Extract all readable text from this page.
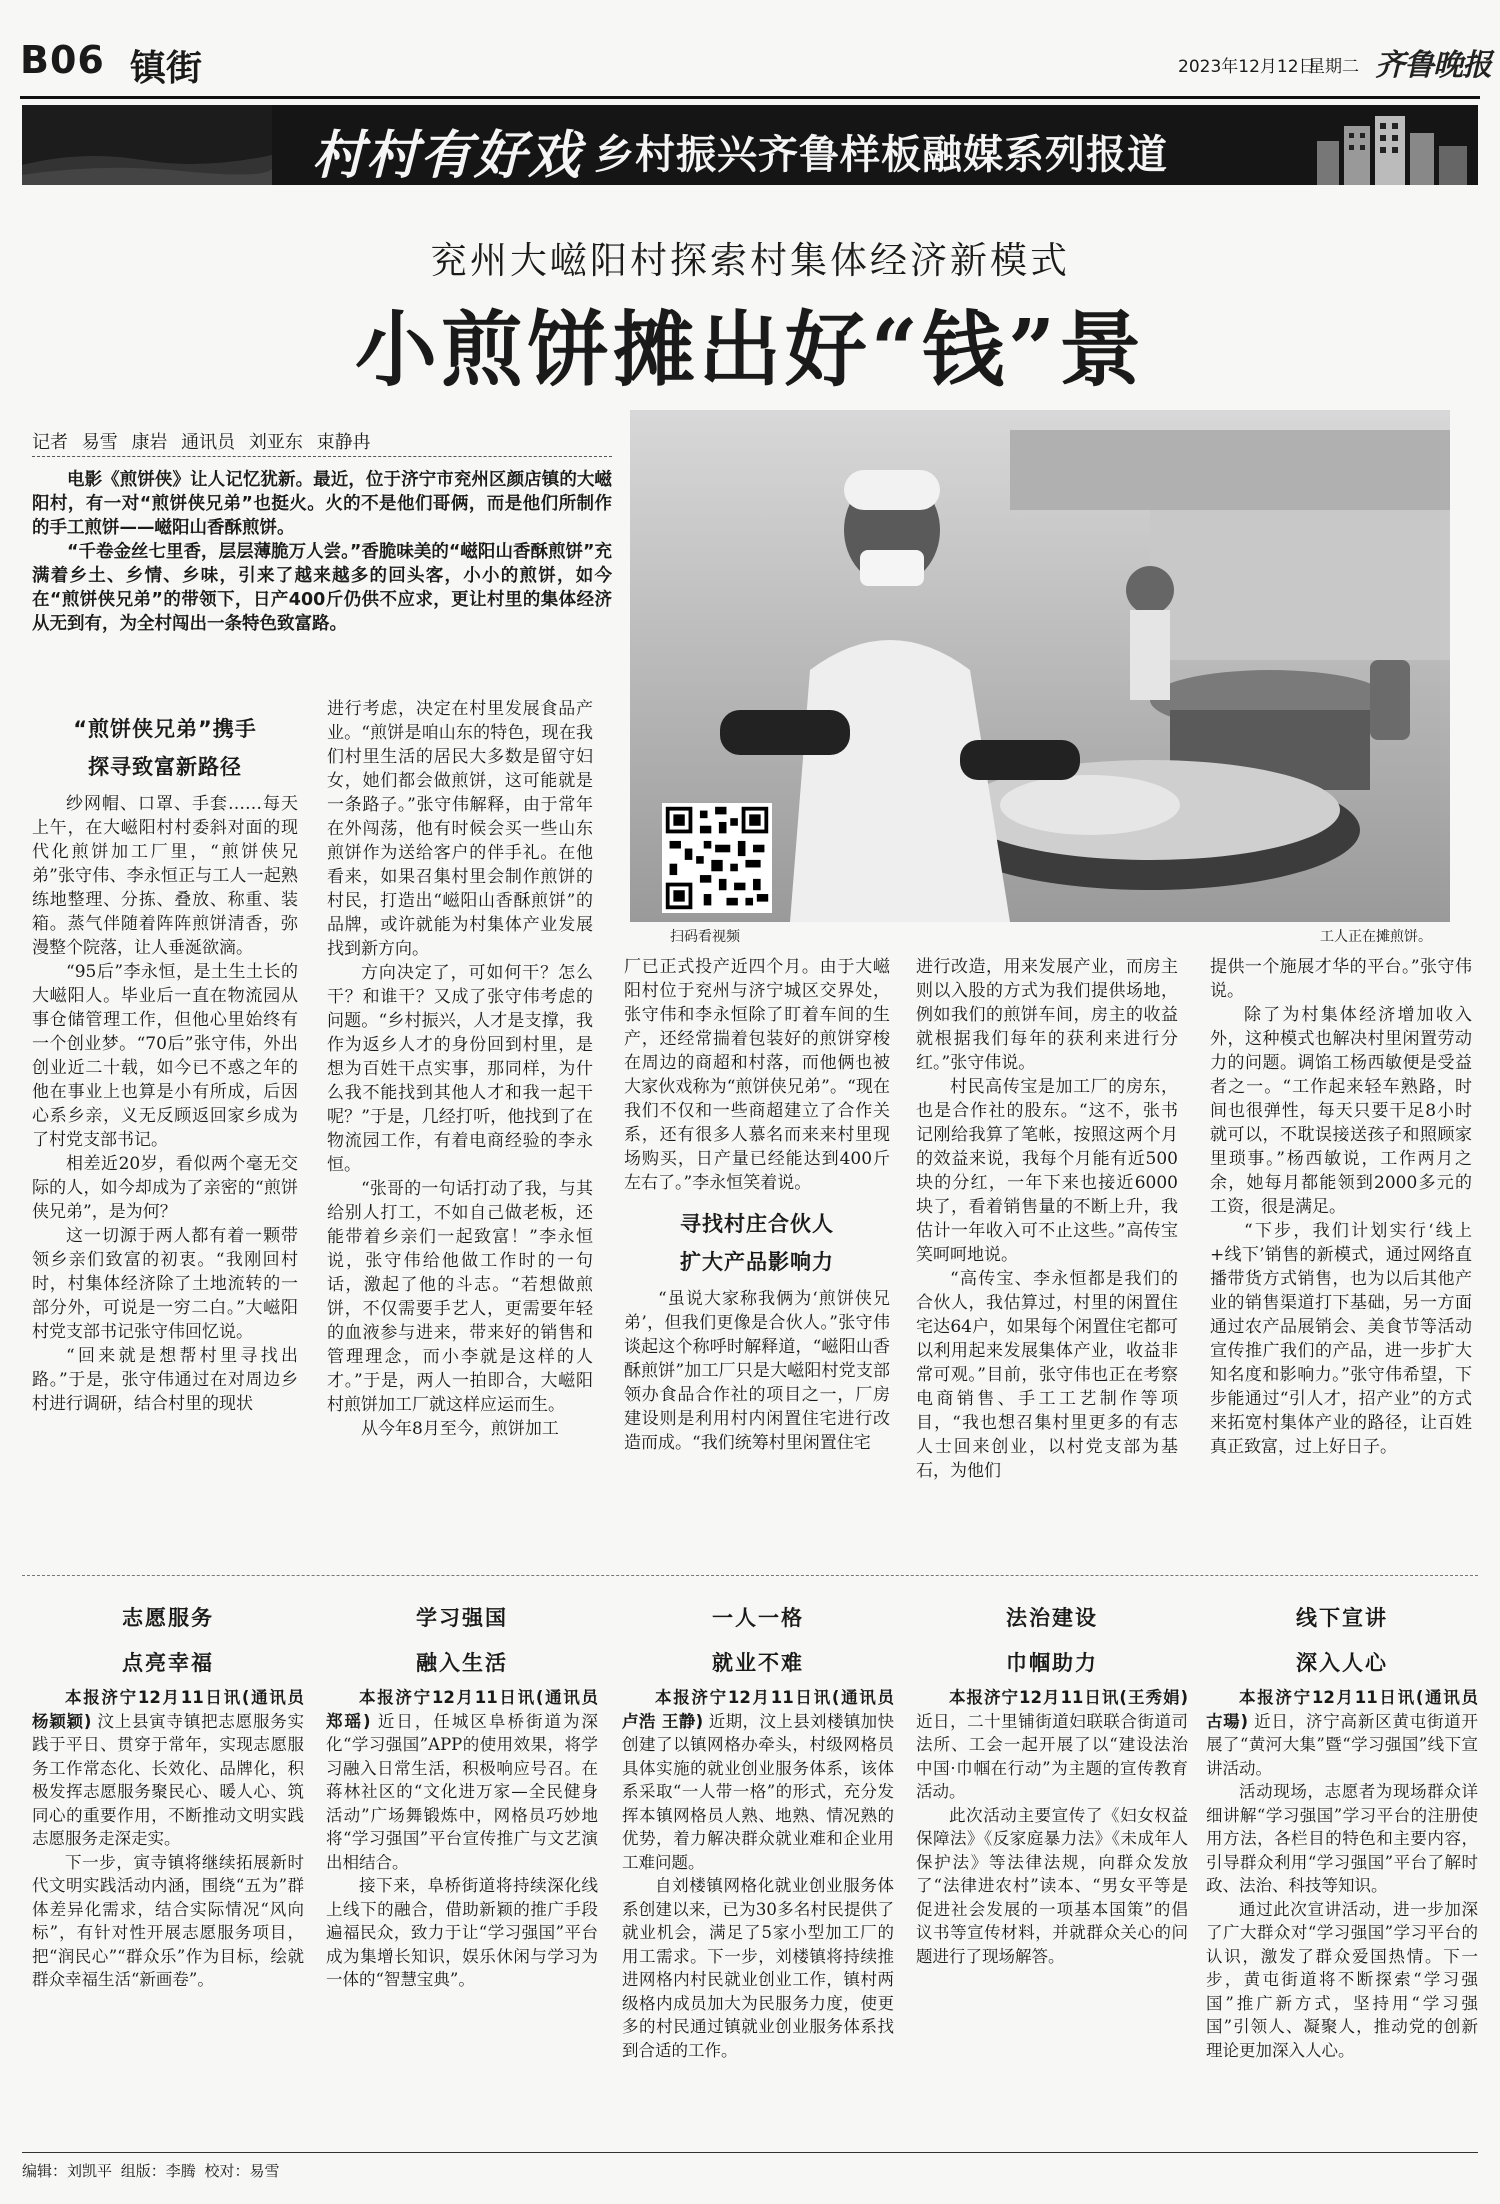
B06 镇街	2023年12月12日
星期二 齐鲁晚报
村村有好戏 乡村振兴齐鲁样板融媒系列报道
兖州大嵫阳村探索村集体经济新模式
小煎饼摊出好“钱”景
记者 易雪 康岩 通讯员 刘亚东 束静冉

电影《煎饼侠》让人记忆犹新。最近，位于济宁市兖州区颜店镇的大嵫阳村，有一对“煎饼侠兄弟”也挺火。火的不是他们哥俩，而是他们所制作的手工煎饼——嵫阳山香酥煎饼。

“千卷金丝七里香，层层薄脆万人尝。”香脆味美的“嵫阳山香酥煎饼”充满着乡土、乡情、乡味，引来了越来越多的回头客，小小的煎饼，如今在“煎饼侠兄弟”的带领下，日产400斤仍供不应求，更让村里的集体经济从无到有，为全村闯出一条特色致富路。

扫码看视频	工人正在摊煎饼。
“煎饼侠兄弟”携手
探寻致富新路径

纱网帽、口罩、手套……每天上午，在大嵫阳村村委斜对面的现代化煎饼加工厂里，“煎饼侠兄弟”张守伟、李永恒正与工人一起熟练地整理、分拣、叠放、称重、装箱。蒸气伴随着阵阵煎饼清香，弥漫整个院落，让人垂涎欲滴。

“95后”李永恒，是土生土长的大嵫阳人。毕业后一直在物流园从事仓储管理工作，但他心里始终有一个创业梦。“70后”张守伟，外出创业近二十载，如今已不惑之年的他在事业上也算是小有所成，后因心系乡亲，义无反顾返回家乡成为了村党支部书记。

相差近20岁，看似两个毫无交际的人，如今却成为了亲密的“煎饼侠兄弟”，是为何？

这一切源于两人都有着一颗带领乡亲们致富的初衷。“我刚回村时，村集体经济除了土地流转的一部分外，可说是一穷二白。”大嵫阳村党支部书记张守伟回忆说。

“回来就是想帮村里寻找出路。”于是，张守伟通过在对周边乡村进行调研，结合村里的现状

进行考虑，决定在村里发展食品产业。“煎饼是咱山东的特色，现在我们村里生活的居民大多数是留守妇女，她们都会做煎饼，这可能就是一条路子。”张守伟解释，由于常年在外闯荡，他有时候会买一些山东煎饼作为送给客户的伴手礼。在他看来，如果召集村里会制作煎饼的村民，打造出“嵫阳山香酥煎饼”的品牌，或许就能为村集体产业发展找到新方向。

方向决定了，可如何干？怎么干？和谁干？又成了张守伟考虑的问题。“乡村振兴，人才是支撑，我作为返乡人才的身份回到村里，是想为百姓干点实事，那同样，为什么我不能找到其他人才和我一起干呢？”于是，几经打听，他找到了在物流园工作，有着电商经验的李永恒。

“张哥的一句话打动了我，与其给别人打工，不如自己做老板，还能带着乡亲们一起致富！”李永恒说，张守伟给他做工作时的一句话，激起了他的斗志。“若想做煎饼，不仅需要手艺人，更需要年轻的血液参与进来，带来好的销售和管理理念，而小李就是这样的人才。”于是，两人一拍即合，大嵫阳村煎饼加工厂就这样应运而生。

从今年8月至今，煎饼加工

厂已正式投产近四个月。由于大嵫阳村位于兖州与济宁城区交界处，张守伟和李永恒除了盯着车间的生产，还经常揣着包装好的煎饼穿梭在周边的商超和村落，而他俩也被大家伙戏称为“煎饼侠兄弟”。“现在我们不仅和一些商超建立了合作关系，还有很多人慕名而来来村里现场购买，日产量已经能达到400斤左右了。”李永恒笑着说。

寻找村庄合伙人
扩大产品影响力

“虽说大家称我俩为‘煎饼侠兄弟’，但我们更像是合伙人。”张守伟谈起这个称呼时解释道，“嵫阳山香酥煎饼”加工厂只是大嵫阳村党支部领办食品合作社的项目之一，厂房建设则是利用村内闲置住宅进行改造而成。“我们统筹村里闲置住宅

进行改造，用来发展产业，而房主则以入股的方式为我们提供场地，例如我们的煎饼车间，房主的收益就根据我们每年的获利来进行分红。”张守伟说。

村民高传宝是加工厂的房东，也是合作社的股东。“这不，张书记刚给我算了笔帐，按照这两个月的效益来说，我每个月能有近500块的分红，一年下来也接近6000块了，看着销售量的不断上升，我估计一年收入可不止这些。”高传宝笑呵呵地说。

“高传宝、李永恒都是我们的合伙人，我估算过，村里的闲置住宅达64户，如果每个闲置住宅都可以利用起来发展集体产业，收益非常可观。”目前，张守伟也正在考察电商销售、手工工艺制作等项目，“我也想召集村里更多的有志人士回来创业，以村党支部为基石，为他们

提供一个施展才华的平台。”张守伟说。

除了为村集体经济增加收入外，这种模式也解决村里闲置劳动力的问题。调馅工杨西敏便是受益者之一。“工作起来轻车熟路，时间也很弹性，每天只要干足8小时就可以，不耽误接送孩子和照顾家里琐事。”杨西敏说，工作两月之余，她每月都能领到2000多元的工资，很是满足。

“下步，我们计划实行‘线上+线下’销售的新模式，通过网络直播带货方式销售，也为以后其他产业的销售渠道打下基础，另一方面通过农产品展销会、美食节等活动宣传推广我们的产品，进一步扩大知名度和影响力。”张守伟希望，下步能通过“引人才，招产业”的方式来拓宽村集体产业的路径，让百姓真正致富，过上好日子。

志愿服务
点亮幸福

本报济宁12月11日讯(通讯员 杨颖颖) 汶上县寅寺镇把志愿服务实践于平日、贯穿于常年，实现志愿服务工作常态化、长效化、品牌化，积极发挥志愿服务聚民心、暖人心、筑同心的重要作用，不断推动文明实践志愿服务走深走实。

下一步，寅寺镇将继续拓展新时代文明实践活动内涵，围绕“五为”群体差异化需求，结合实际情况“风向标”，有针对性开展志愿服务项目，把“润民心”“群众乐”作为目标，绘就群众幸福生活“新画卷”。

学习强国
融入生活

本报济宁12月11日讯(通讯员 郑瑶) 近日，任城区阜桥街道为深化“学习强国”APP的使用效果，将学习融入日常生活，积极响应号召。在蒋林社区的“文化进万家—全民健身活动”广场舞锻炼中，网格员巧妙地将“学习强国”平台宣传推广与文艺演出相结合。

接下来，阜桥街道将持续深化线上线下的融合，借助新颖的推广手段遍福民众，致力于让“学习强国”平台成为集增长知识，娱乐休闲与学习为一体的“智慧宝典”。

一人一格
就业不难

本报济宁12月11日讯(通讯员 卢浩 王静) 近期，汶上县刘楼镇加快创建了以镇网格办牵头，村级网格员具体实施的就业创业服务体系，该体系采取“一人带一格”的形式，充分发挥本镇网格员人熟、地熟、情况熟的优势，着力解决群众就业难和企业用工难问题。

自刘楼镇网格化就业创业服务体系创建以来，已为30多名村民提供了就业机会，满足了5家小型加工厂的用工需求。下一步，刘楼镇将持续推进网格内村民就业创业工作，镇村两级格内成员加大为民服务力度，使更多的村民通过镇就业创业服务体系找到合适的工作。

法治建设
巾帼助力

本报济宁12月11日讯(王秀娟) 近日，二十里铺街道妇联联合街道司法所、工会一起开展了以“建设法治中国·巾帼在行动”为主题的宣传教育活动。

此次活动主要宣传了《妇女权益保障法》《反家庭暴力法》《未成年人保护法》等法律法规，向群众发放了“法律进农村”读本、“男女平等是促进社会发展的一项基本国策”的倡议书等宣传材料，并就群众关心的问题进行了现场解答。

线下宣讲
深入人心

本报济宁12月11日讯(通讯员 古瑒) 近日，济宁高新区黄屯街道开展了“黄河大集”暨“学习强国”线下宣讲活动。

活动现场，志愿者为现场群众详细讲解“学习强国”学习平台的注册使用方法，各栏目的特色和主要内容，引导群众利用“学习强国”平台了解时政、法治、科技等知识。

通过此次宣讲活动，进一步加深了广大群众对“学习强国”学习平台的认识，激发了群众爱国热情。下一步，黄屯街道将不断探索“学习强国”推广新方式，坚持用“学习强国”引领人、凝聚人，推动党的创新理论更加深入人心。

编辑：刘凯平 组版：李腾 校对：易雪
